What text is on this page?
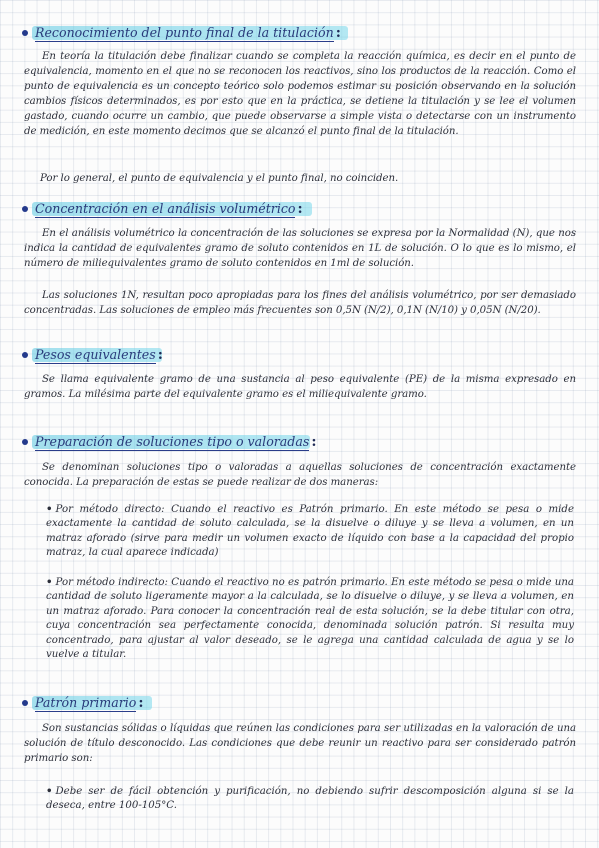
Reconocimiento del punto final de la titulación :
En teoría la titulación debe finalizar cuando se completa la reacción química, es decir en el punto de equivalencia, momento en el que no se reconocen los reactivos, sino los productos de la reacción. Como el punto de equivalencia es un concepto teórico solo podemos estimar su posición observando en la solución cambios físicos determinados, es por esto que en la práctica, se detiene la titulación y se lee el volumen gastado, cuando ocurre un cambio, que puede observarse a simple vista o detectarse con un instrumento de medición, en este momento decimos que se alcanzó el punto final de la titulación.
Por lo general, el punto de equivalencia y el punto final, no coinciden.
Concentración en el análisis volumétrico :
En el análisis volumétrico la concentración de las soluciones se expresa por la Normalidad (N), que nos indica la cantidad de equivalentes gramo de soluto contenidos en 1L de solución. O lo que es lo mismo, el número de miliequivalentes gramo de soluto contenidos en 1ml de solución.
Las soluciones 1N, resultan poco apropiadas para los fines del análisis volumétrico, por ser demasiado concentradas. Las soluciones de empleo más frecuentes son 0,5N (N/2), 0,1N (N/10) y 0,05N (N/20).
Pesos equivalentes :
Se llama equivalente gramo de una sustancia al peso equivalente (PE) de la misma expresado en gramos. La milésima parte del equivalente gramo es el miliequivalente gramo.
Preparación de soluciones tipo o valoradas :
Se denominan soluciones tipo o valoradas a aquellas soluciones de concentración exactamente conocida. La preparación de estas se puede realizar de dos maneras:
• Por método directo: Cuando el reactivo es Patrón primario. En este método se pesa o mide exactamente la cantidad de soluto calculada, se la disuelve o diluye y se lleva a volumen, en un matraz aforado (sirve para medir un volumen exacto de líquido con base a la capacidad del propio matraz, la cual aparece indicada)
• Por método indirecto: Cuando el reactivo no es patrón primario. En este método se pesa o mide una cantidad de soluto ligeramente mayor a la calculada, se lo disuelve o diluye, y se lleva a volumen, en un matraz aforado. Para conocer la concentración real de esta solución, se la debe titular con otra, cuya concentración sea perfectamente conocida, denominada solución patrón. Si resulta muy concentrado, para ajustar al valor deseado, se le agrega una cantidad calculada de agua y se lo vuelve a titular.
Patrón primario :
Son sustancias sólidas o líquidas que reúnen las condiciones para ser utilizadas en la valoración de una solución de título desconocido. Las condiciones que debe reunir un reactivo para ser considerado patrón primario son:
• Debe ser de fácil obtención y purificación, no debiendo sufrir descomposición alguna si se la deseca, entre 100-105°C.
